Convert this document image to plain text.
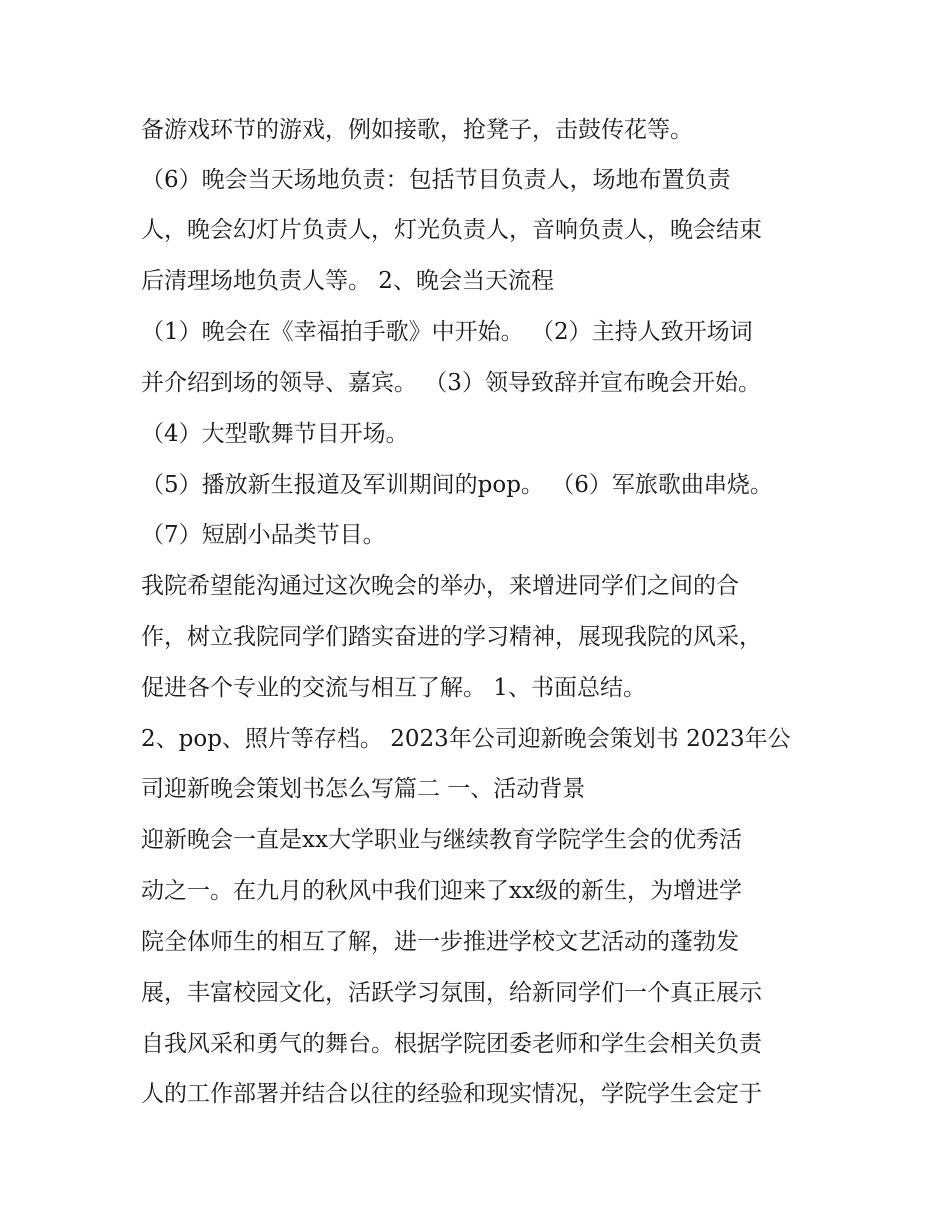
备游戏环节的游戏，例如接歌，抢凳子，击鼓传花等。

（6）晚会当天场地负责：包括节目负责人，场地布置负责

人，晚会幻灯片负责人，灯光负责人，音响负责人，晚会结束

后清理场地负责人等。 2、晚会当天流程

（1）晚会在《幸福拍手歌》中开始。 （2）主持人致开场词

并介绍到场的领导、嘉宾。 （3）领导致辞并宣布晚会开始。

（4）大型歌舞节目开场。

（5）播放新生报道及军训期间的pop。 （6）军旅歌曲串烧。

（7）短剧小品类节目。

我院希望能沟通过这次晚会的举办，来增进同学们之间的合

作，树立我院同学们踏实奋进的学习精神，展现我院的风采，

促进各个专业的交流与相互了解。 1、书面总结。

2、pop、照片等存档。 2023年公司迎新晚会策划书 2023年公

司迎新晚会策划书怎么写篇二 一、活动背景

迎新晚会一直是xx大学职业与继续教育学院学生会的优秀活

动之一。在九月的秋风中我们迎来了xx级的新生，为增进学

院全体师生的相互了解，进一步推进学校文艺活动的蓬勃发

展，丰富校园文化，活跃学习氛围，给新同学们一个真正展示

自我风采和勇气的舞台。根据学院团委老师和学生会相关负责

人的工作部署并结合以往的经验和现实情况，学院学生会定于
